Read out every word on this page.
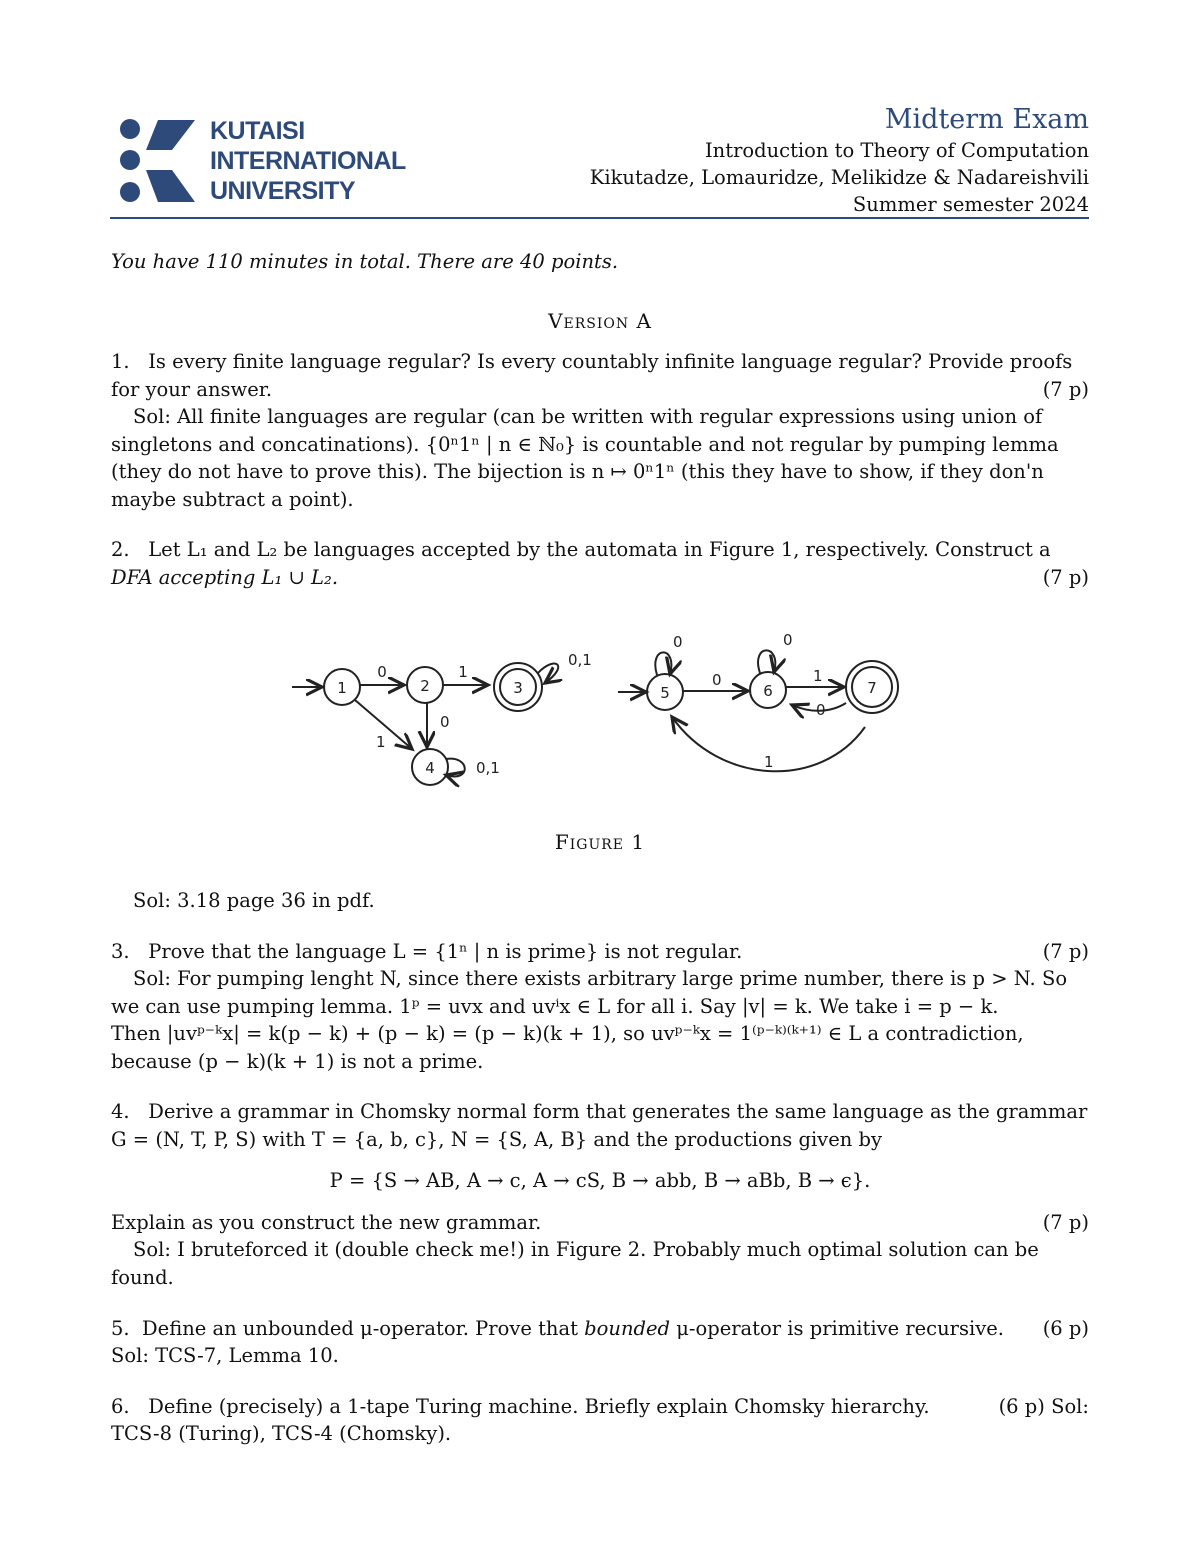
KUTAISI
INTERNATIONAL
UNIVERSITY
Midterm Exam
Introduction to Theory of Computation
Kikutadze, Lomauridze, Melikidze & Nadareishvili
Summer semester 2024
You have 110 minutes in total. There are 40 points.
Version A
1. Is every finite language regular? Is every countably infinite language regular? Provide proofs
for your answer.	(7 p)
Sol: All finite languages are regular (can be written with regular expressions using union of
singletons and concatinations). {0ⁿ1ⁿ | n ∈ ℕ₀} is countable and not regular by pumping lemma
(they do not have to prove this). The bijection is n ↦ 0ⁿ1ⁿ (this they have to show, if they don'n
maybe subtract a point).
2. Let L₁ and L₂ be languages accepted by the automata in Figure 1, respectively. Construct a
DFA accepting L₁ ∪ L₂.	(7 p)
1	2	3
4
0	1
0
1
0,1
0,1
5	6	7
0	0
0	1
0
1
Figure 1
Sol: 3.18 page 36 in pdf.
3. Prove that the language L = {1ⁿ | n is prime} is not regular.	(7 p)
Sol: For pumping lenght N, since there exists arbitrary large prime number, there is p > N. So
we can use pumping lemma. 1ᵖ = uvx and uvⁱx ∈ L for all i. Say |v| = k. We take i = p − k.
Then |uvᵖ⁻ᵏx| = k(p − k) + (p − k) = (p − k)(k + 1), so uvᵖ⁻ᵏx = 1⁽ᵖ⁻ᵏ⁾⁽ᵏ⁺¹⁾ ∈ L a contradiction,
because (p − k)(k + 1) is not a prime.
4. Derive a grammar in Chomsky normal form that generates the same language as the grammar
G = (N, T, P, S) with T = {a, b, c}, N = {S, A, B} and the productions given by
P = {S → AB, A → c, A → cS, B → abb, B → aBb, B → ϵ}.
Explain as you construct the new grammar.	(7 p)
Sol: I bruteforced it (double check me!) in Figure 2. Probably much optimal solution can be
found.
5. Define an unbounded μ-operator. Prove that bounded μ-operator is primitive recursive. (6 p)
Sol: TCS-7, Lemma 10.
6. Define (precisely) a 1-tape Turing machine. Briefly explain Chomsky hierarchy.	(6 p) Sol:
TCS-8 (Turing), TCS-4 (Chomsky).
